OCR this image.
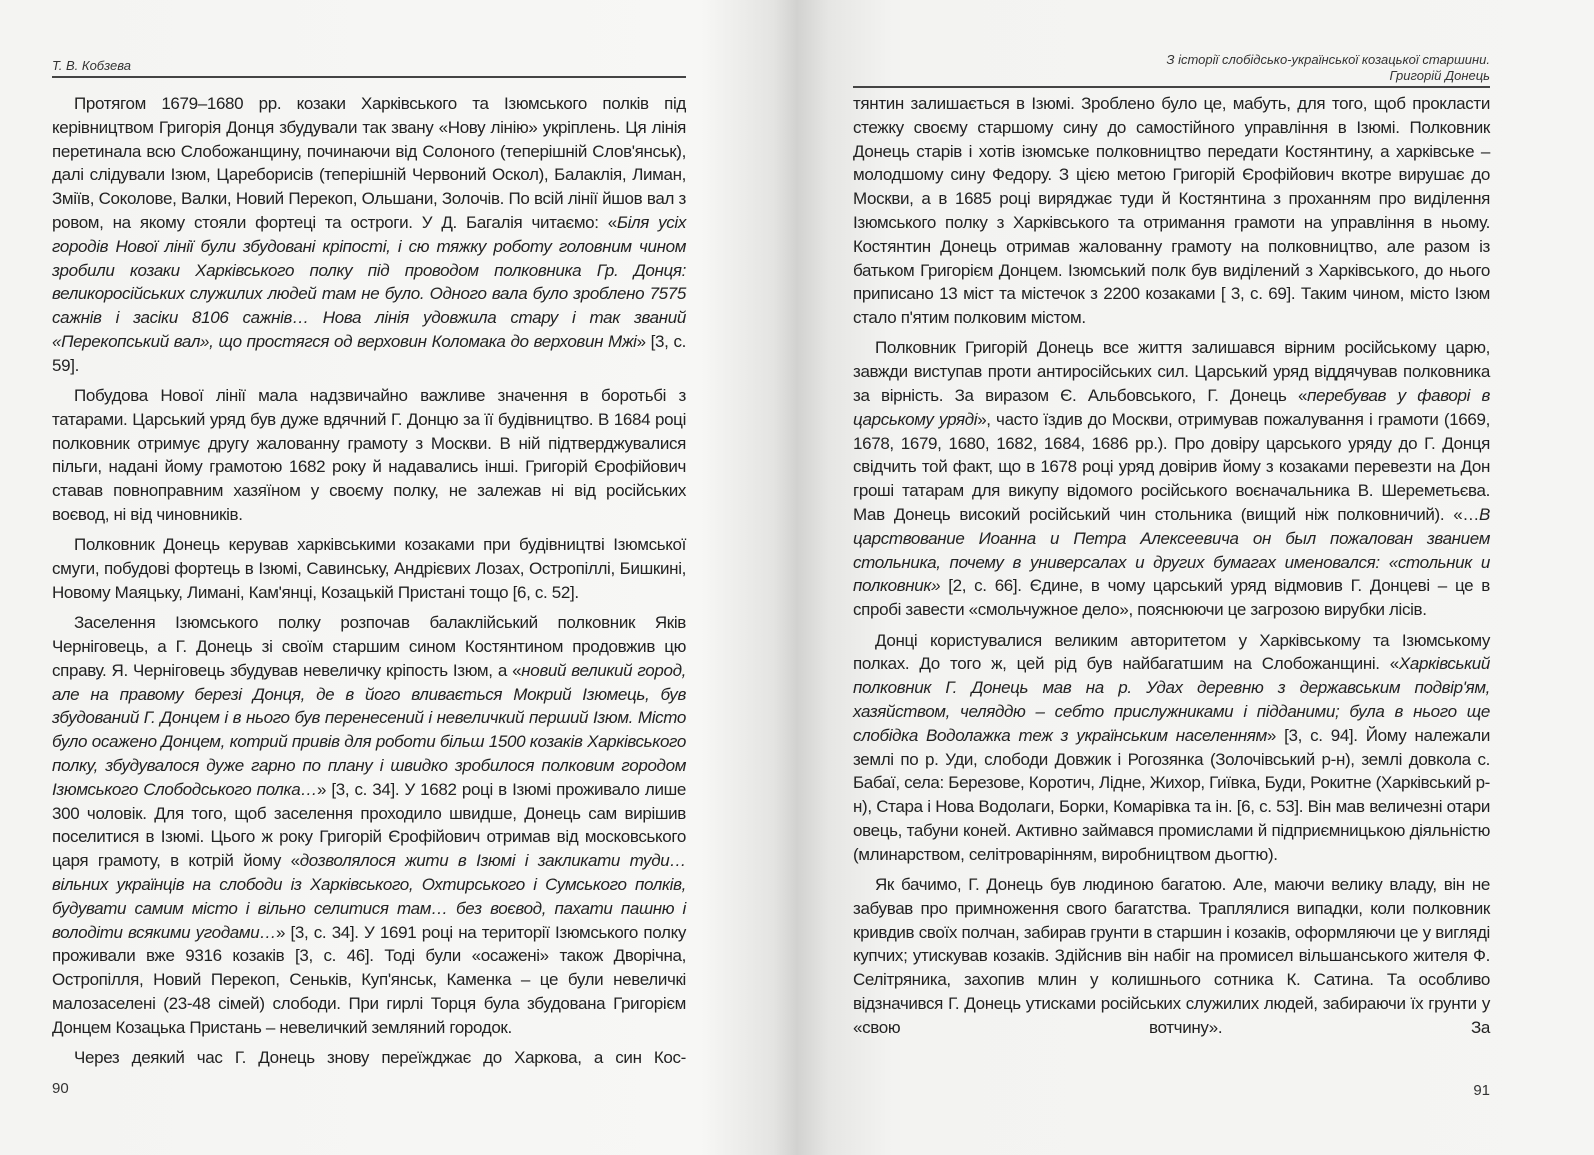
Т. В. Кобзева

Протягом 1679–1680 рр. козаки Харківського та Ізюмського полків під керівництвом Григорія Донця збудували так звану «Нову лінію» укріплень. Ця лінія перетинала всю Слобожанщину, починаючи від Солоного (теперішній Слов'янськ), далі слідували Ізюм, Цареборисів (теперішній Червоний Оскол), Балаклія, Лиман, Зміїв, Соколове, Валки, Новий Перекоп, Ольшани, Золочів. По всій лінії йшов вал з ровом, на якому стояли фортеці та остроги. У Д. Багалія читаємо: «Біля усіх городів Нової лінії були збудовані кріпості, і сю тяжку роботу головним чином зробили козаки Харківського полку під проводом полковника Гр. Донця: великоросійських служилих людей там не було. Одного вала було зроблено 7575 сажнів і засіки 8106 сажнів… Нова лінія удовжила стару і так званий «Перекопський вал», що простягся од верховин Коломака до верховин Мжі» [3, с. 59].

Побудова Нової лінії мала надзвичайно важливе значення в боротьбі з татарами. Царський уряд був дуже вдячний Г. Донцю за її будівництво. В 1684 році полковник отримує другу жалованну грамоту з Москви. В ній підтверджувалися пільги, надані йому грамотою 1682 року й надавались інші. Григорій Єрофійович ставав повноправним хазяїном у своєму полку, не залежав ні від російських воєвод, ні від чиновників.

Полковник Донець керував харківськими козаками при будівництві Ізюмської смуги, побудові фортець в Ізюмі, Савинську, Андрієвих Лозах, Остропіллі, Бишкині, Новому Маяцьку, Лимані, Кам'янці, Козацькій Пристані тощо [6, с. 52].

Заселення Ізюмського полку розпочав балаклійський полковник Яків Черніговець, а Г. Донець зі своїм старшим сином Костянтином продовжив цю справу. Я. Черніговець збудував невеличку кріпость Ізюм, а «новий великий город, але на правому березі Донця, де в його вливається Мокрий Ізюмець, був збудований Г. Донцем і в нього був перенесений і невеличкий перший Ізюм. Місто було осажено Донцем, котрий привів для роботи більш 1500 козаків Харківського полку, збудувалося дуже гарно по плану і швидко зробилося полковим городом Ізюмського Слободського полка…» [3, с. 34]. У 1682 році в Ізюмі проживало лише 300 чоловік. Для того, щоб заселення проходило швидше, Донець сам вирішив поселитися в Ізюмі. Цього ж року Григорій Єрофійович отримав від московського царя грамоту, в котрій йому «дозволялося жити в Ізюмі і закликати туди… вільних українців на слободи із Харківського, Охтирського і Сумського полків, будувати самим місто і вільно селитися там… без воєвод, пахати пашню і володіти всякими угодами…» [3, с. 34]. У 1691 році на території Ізюмського полку проживали вже 9316 козаків [3, с. 46]. Тоді були «осажені» також Дворічна, Остропілля, Новий Перекоп, Сеньків, Куп'янськ, Каменка – це були невеличкі малозаселені (23-48 сімей) слободи. При гирлі Торця була збудована Григорієм Донцем Козацька Пристань – невеличкий земляний городок.

Через деякий час Г. Донець знову переїжджає до Харкова, а син Кос-

90
З історії слобідсько-української козацької старшини.
Григорій Донець

тянтин залишається в Ізюмі. Зроблено було це, мабуть, для того, щоб прокласти стежку своєму старшому сину до самостійного управління в Ізюмі. Полковник Донець старів і хотів ізюмське полковництво передати Костянтину, а харківське – молодшому сину Федору. З цією метою Григорій Єрофійович вкотре вирушає до Москви, а в 1685 році виряджає туди й Костянтина з проханням про виділення Ізюмського полку з Харківського та отримання грамоти на управління в ньому. Костянтин Донець отримав жалованну грамоту на полковництво, але разом із батьком Григорієм Донцем. Ізюмський полк був виділений з Харківського, до нього приписано 13 міст та містечок з 2200 козаками [ 3, с. 69]. Таким чином, місто Ізюм стало п'ятим полковим містом.

Полковник Григорій Донець все життя залишався вірним російському царю, завжди виступав проти антиросійських сил. Царський уряд віддячував полковника за вірність. За виразом Є. Альбовського, Г. Донець «перебував у фаворі в царському уряді», часто їздив до Москви, отримував пожалування і грамоти (1669, 1678, 1679, 1680, 1682, 1684, 1686 рр.). Про довіру царського уряду до Г. Донця свідчить той факт, що в 1678 році уряд довірив йому з козаками перевезти на Дон гроші татарам для викупу відомого російського воєначальника В. Шереметьєва. Мав Донець високий російський чин стольника (вищий ніж полковничий). «…В царствование Иоанна и Петра Алексеевича он был пожалован званием стольника, почему в универсалах и других бумагах именовался: «стольник и полковник» [2, с. 66]. Єдине, в чому царський уряд відмовив Г. Донцеві – це в спробі завести «смольчужное дело», пояснюючи це загрозою вирубки лісів.

Донці користувалися великим авторитетом у Харківському та Ізюмському полках. До того ж, цей рід був найбагатшим на Слобожанщині. «Харківський полковник Г. Донець мав на р. Удах деревню з державським подвір'ям, хазяйством, челяддю – себто прислужниками і підданими; була в нього ще слобідка Водолажка теж з українським населенням» [3, с. 94]. Йому належали землі по р. Уди, слободи Довжик і Рогозянка (Золочівський р-н), землі довкола с. Бабаї, села: Березове, Коротич, Лідне, Жихор, Гиївка, Буди, Рокитне (Харківський р-н), Стара і Нова Водолаги, Борки, Комарівка та ін. [6, с. 53]. Він мав величезні отари овець, табуни коней. Активно займався промислами й підприємницькою діяльністю (млинарством, селітроварінням, виробництвом дьогтю).

Як бачимо, Г. Донець був людиною багатою. Але, маючи велику владу, він не забував про примноження свого багатства. Траплялися випадки, коли полковник кривдив своїх полчан, забирав грунти в старшин і козаків, оформляючи це у вигляді купчих; утискував козаків. Здійснив він набіг на промисел вільшанського жителя Ф. Селітряника, захопив млин у колишнього сотника К. Сатина. Та особливо відзначився Г. Донець утисками російських служилих людей, забираючи їх грунти у «свою вотчину». За

91
